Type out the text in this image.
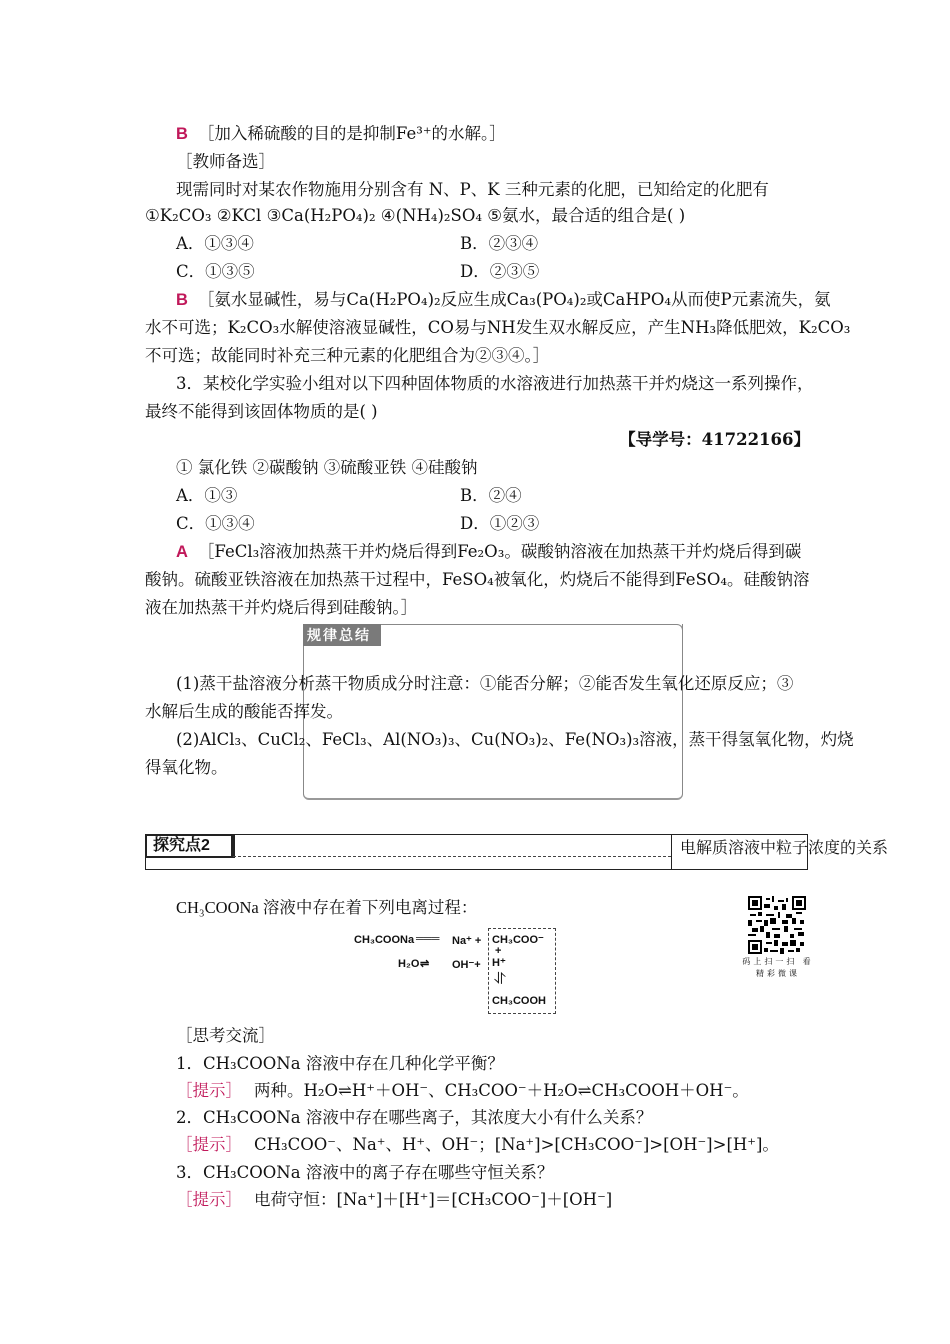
B ［加入稀硫酸的目的是抑制Fe³⁺的水解。］
［教师备选］
现需同时对某农作物施用分别含有 N、P、K 三种元素的化肥，已知给定的化肥有
①K₂CO₃ ②KCl ③Ca(H₂PO₄)₂ ④(NH₄)₂SO₄ ⑤氨水，最合适的组合是( )
A．①③④	B．②③④
C．①③⑤	D．②③⑤
B ［氨水显碱性，易与Ca(H₂PO₄)₂反应生成Ca₃(PO₄)₂或CaHPO₄从而使P元素流失，氨
水不可选；K₂CO₃水解使溶液显碱性，CO易与NH发生双水解反应，产生NH₃降低肥效，K₂CO₃
不可选；故能同时补充三种元素的化肥组合为②③④。］
3．某校化学实验小组对以下四种固体物质的水溶液进行加热蒸干并灼烧这一系列操作，
最终不能得到该固体物质的是( )
【导学号：41722166】
① 氯化铁 ②碳酸钠 ③硫酸亚铁 ④硅酸钠
A．①③	B．②④
C．①③④	D．①②③
A ［FeCl₃溶液加热蒸干并灼烧后得到Fe₂O₃。碳酸钠溶液在加热蒸干并灼烧后得到碳
酸钠。硫酸亚铁溶液在加热蒸干过程中，FeSO₄被氧化，灼烧后不能得到FeSO₄。硅酸钠溶
液在加热蒸干并灼烧后得到硅酸钠。］
规律总结
(1)蒸干盐溶液分析蒸干物质成分时注意：①能否分解；②能否发生氧化还原反应；③
水解后生成的酸能否挥发。
(2)AlCl₃、CuCl₂、FeCl₃、Al(NO₃)₃、Cu(NO₃)₂、Fe(NO₃)₃溶液，蒸干得氢氧化物，灼烧
得氧化物。
探究点2	电解质溶液中粒子浓度的关系
CH₃COONa 溶液中存在着下列电离过程：
CH₃COONa ═══ Na⁺ +
H₂O ⇌ OH⁻+
CH₃COO⁻
+
H⁺
⥯
CH₃COOH
码上扫一扫 看精彩微课
［思考交流］
1．CH₃COONa 溶液中存在几种化学平衡？
［提示］ 两种。H₂O⇌H⁺＋OH⁻、CH₃COO⁻＋H₂O⇌CH₃COOH＋OH⁻。
2．CH₃COONa 溶液中存在哪些离子，其浓度大小有什么关系？
［提示］ CH₃COO⁻、Na⁺、H⁺、OH⁻；[Na⁺]>[CH₃COO⁻]>[OH⁻]>[H⁺]。
3．CH₃COONa 溶液中的离子存在哪些守恒关系？
［提示］ 电荷守恒：[Na⁺]＋[H⁺]＝[CH₃COO⁻]＋[OH⁻]
